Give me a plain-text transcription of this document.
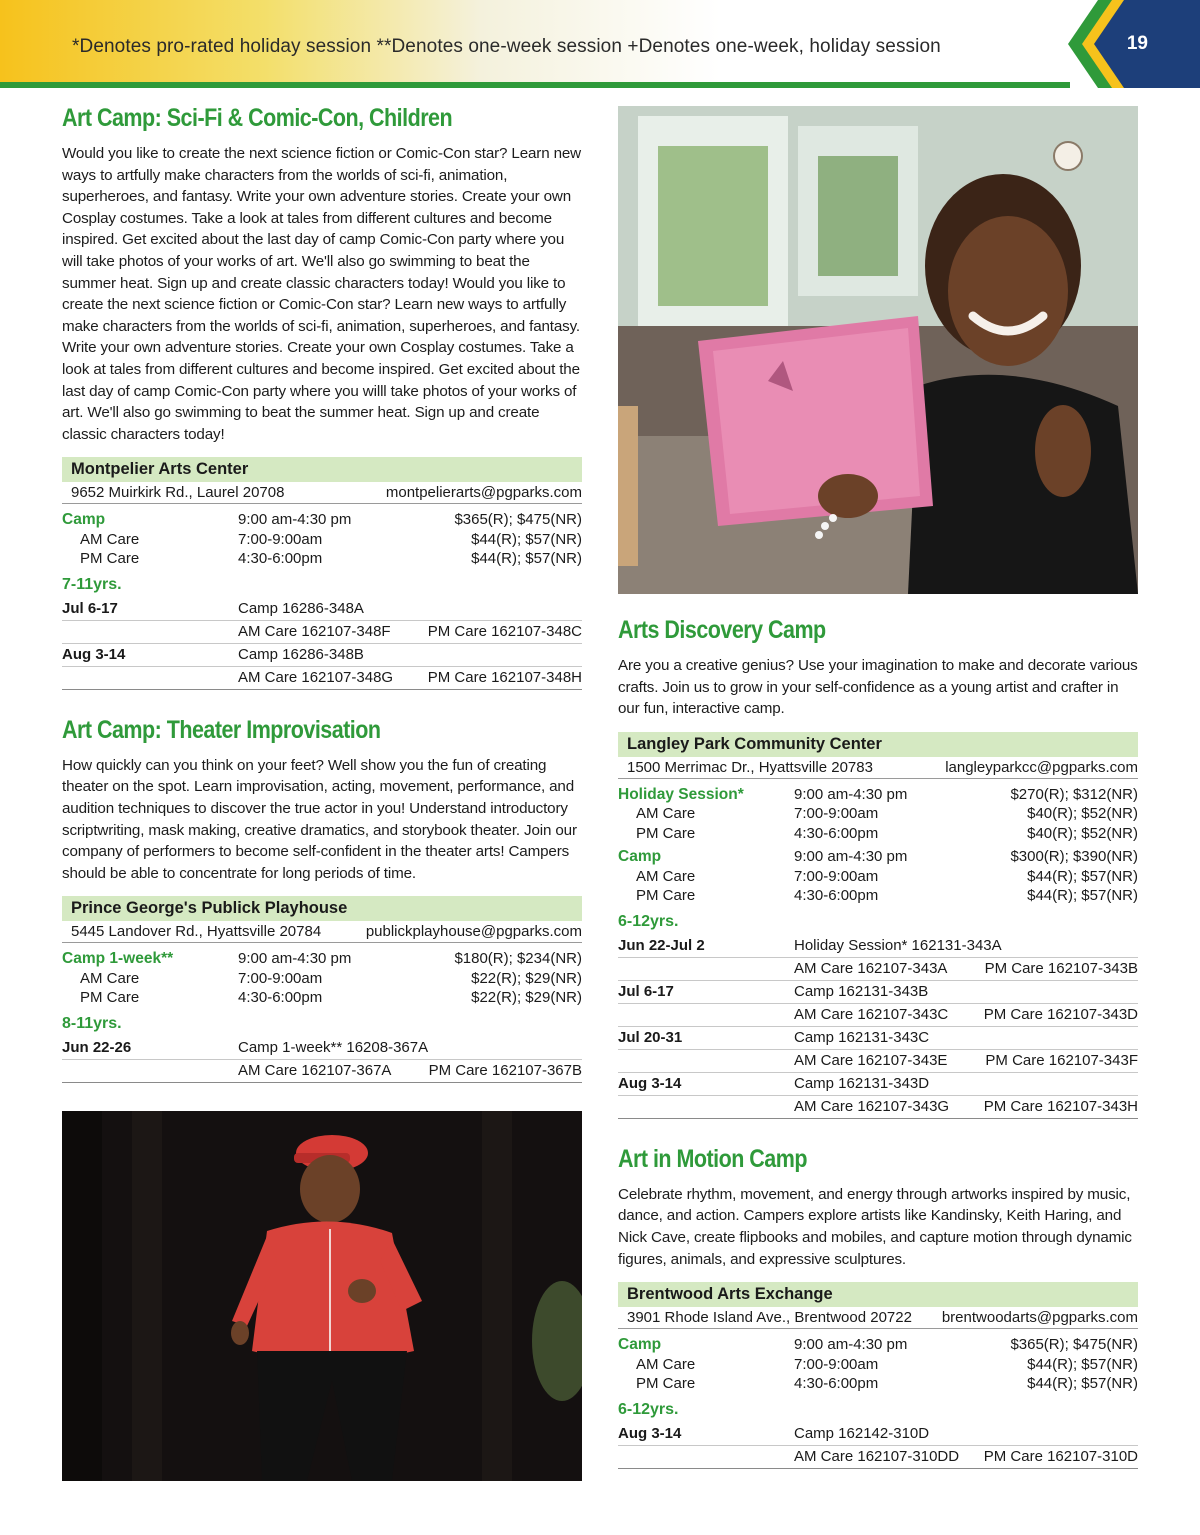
*Denotes pro-rated holiday session **Denotes one-week session +Denotes one-week, holiday session	19
Art Camp: Sci-Fi & Comic-Con, Children

Would you like to create the next science fiction or Comic-Con star? Learn new ways to artfully make characters from the worlds of sci-fi, animation, superheroes, and fantasy. Write your own adventure stories. Create your own Cosplay costumes. Take a look at tales from different cultures and become inspired. Get excited about the last day of camp Comic-Con party where you will take photos of your works of art. We'll also go swimming to beat the summer heat. Sign up and create classic characters today! Would you like to create the next science fiction or Comic-Con star? Learn new ways to artfully make characters from the worlds of sci-fi, animation, superheroes, and fantasy. Write your own adventure stories. Create your own Cosplay costumes. Take a look at tales from different cultures and become inspired. Get excited about the last day of camp Comic-Con party where you willl take photos of your works of art. We'll also go swimming to beat the summer heat. Sign up and create classic characters today!

Montpelier Arts Center
9652 Muirkirk Rd., Laurel 20708	montpelierarts@pgparks.com
Camp	9:00 am-4:30 pm	$365(R); $475(NR)
AM Care	7:00-9:00am	$44(R); $57(NR)
PM Care	4:30-6:00pm	$44(R); $57(NR)
7-11yrs.
Jul 6-17	Camp 16286-348A
AM Care 162107-348F	PM Care 162107-348C
Aug 3-14	Camp 16286-348B
AM Care 162107-348G	PM Care 162107-348H
Art Camp: Theater Improvisation

How quickly can you think on your feet? Well show you the fun of creating theater on the spot. Learn improvisation, acting, movement, performance, and audition techniques to discover the true actor in you! Understand introductory scriptwriting, mask making, creative dramatics, and storybook theater. Join our company of performers to become self-confident in the theater arts! Campers should be able to concentrate for long periods of time.

Prince George's Publick Playhouse
5445 Landover Rd., Hyattsville 20784	publickplayhouse@pgparks.com
Camp 1-week**	9:00 am-4:30 pm	$180(R); $234(NR)
AM Care	7:00-9:00am	$22(R); $29(NR)
PM Care	4:30-6:00pm	$22(R); $29(NR)
8-11yrs.
Jun 22-26	Camp 1-week** 16208-367A
AM Care 162107-367A	PM Care 162107-367B
Arts Discovery Camp

Are you a creative genius? Use your imagination to make and decorate various crafts. Join us to grow in your self-confidence as a young artist and crafter in our fun, interactive camp.

Langley Park Community Center
1500 Merrimac Dr., Hyattsville 20783	langleyparkcc@pgparks.com
Holiday Session*	9:00 am-4:30 pm	$270(R); $312(NR)
AM Care	7:00-9:00am	$40(R); $52(NR)
PM Care	4:30-6:00pm	$40(R); $52(NR)
Camp	9:00 am-4:30 pm	$300(R); $390(NR)
AM Care	7:00-9:00am	$44(R); $57(NR)
PM Care	4:30-6:00pm	$44(R); $57(NR)
6-12yrs.
Jun 22-Jul 2	Holiday Session* 162131-343A
AM Care 162107-343A	PM Care 162107-343B
Jul 6-17	Camp 162131-343B
AM Care 162107-343C	PM Care 162107-343D
Jul 20-31	Camp 162131-343C
AM Care 162107-343E	PM Care 162107-343F
Aug 3-14	Camp 162131-343D
AM Care 162107-343G	PM Care 162107-343H
Art in Motion Camp

Celebrate rhythm, movement, and energy through artworks inspired by music, dance, and action. Campers explore artists like Kandinsky, Keith Haring, and Nick Cave, create flipbooks and mobiles, and capture motion through dynamic figures, animals, and expressive sculptures.

Brentwood Arts Exchange
3901 Rhode Island Ave., Brentwood 20722 brentwoodarts@pgparks.com
Camp	9:00 am-4:30 pm	$365(R); $475(NR)
AM Care	7:00-9:00am	$44(R); $57(NR)
PM Care	4:30-6:00pm	$44(R); $57(NR)
6-12yrs.
Aug 3-14	Camp 162142-310D
AM Care 162107-310DD	PM Care 162107-310D
